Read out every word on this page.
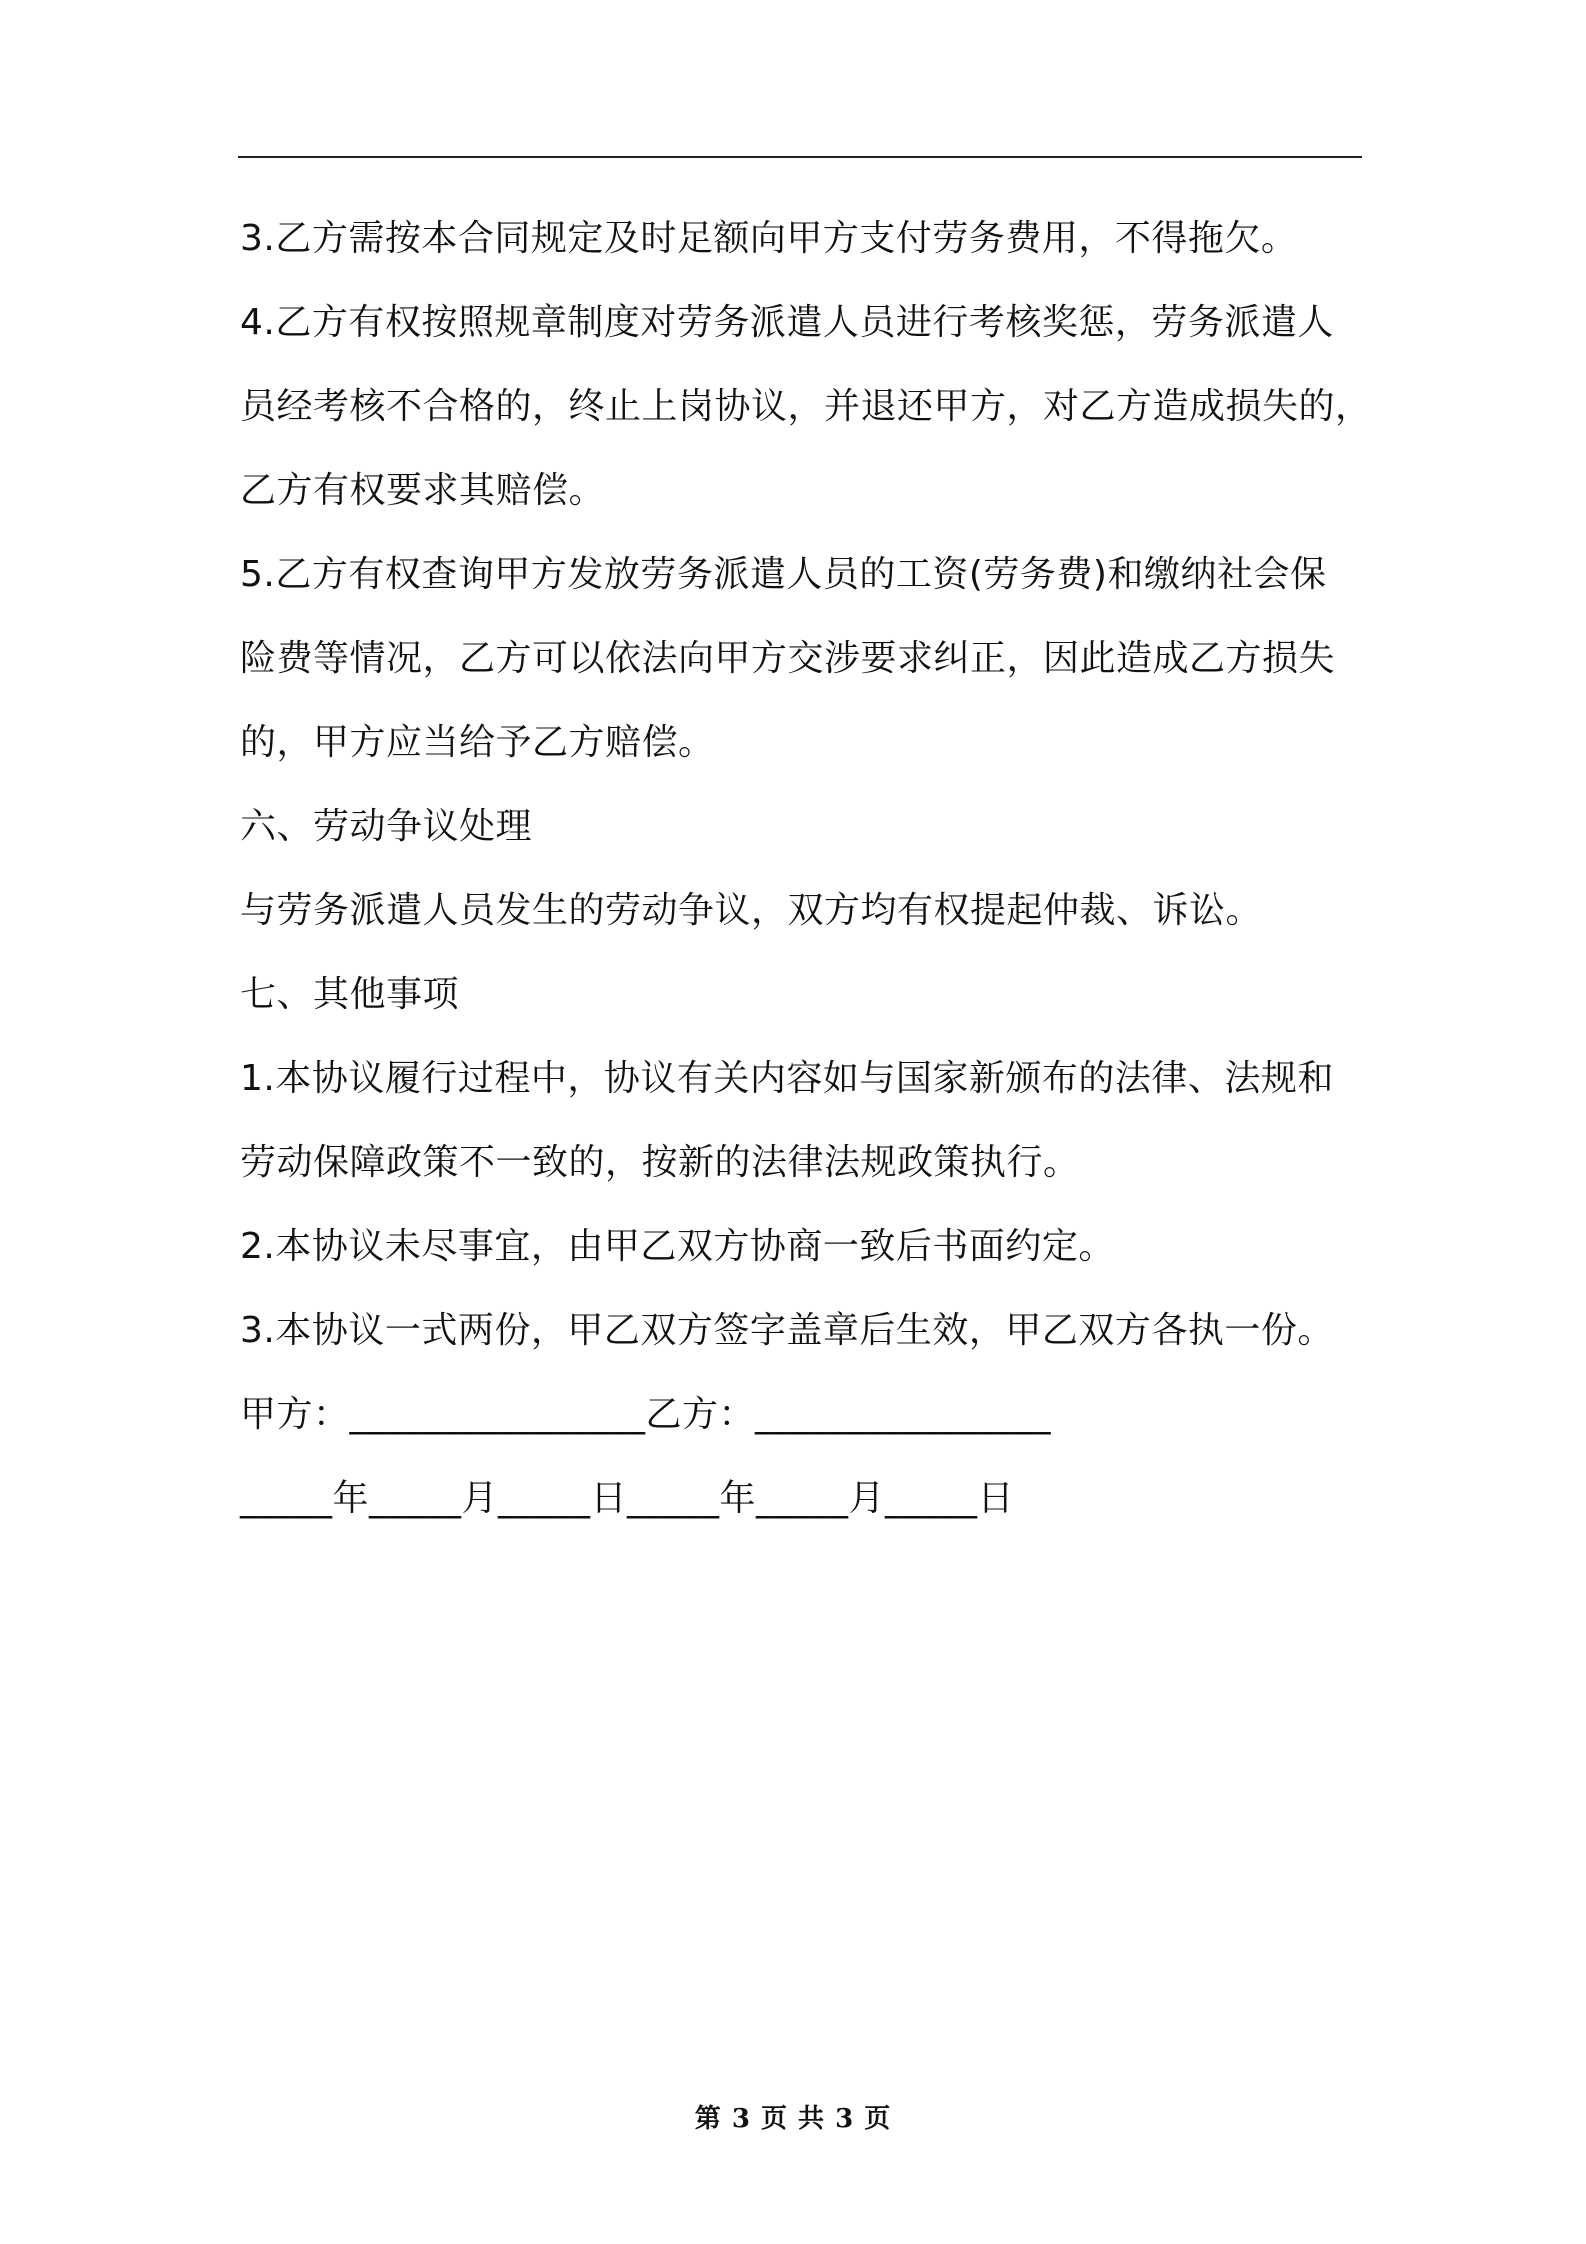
3.乙方需按本合同规定及时足额向甲方支付劳务费用，不得拖欠。
4.乙方有权按照规章制度对劳务派遣人员进行考核奖惩，劳务派遣人
员经考核不合格的，终止上岗协议，并退还甲方，对乙方造成损失的，
乙方有权要求其赔偿。
5.乙方有权查询甲方发放劳务派遣人员的工资(劳务费)和缴纳社会保
险费等情况，乙方可以依法向甲方交涉要求纠正，因此造成乙方损失
的，甲方应当给予乙方赔偿。
六、劳动争议处理
与劳务派遣人员发生的劳动争议，双方均有权提起仲裁、诉讼。
七、其他事项
1.本协议履行过程中，协议有关内容如与国家新颁布的法律、法规和
劳动保障政策不一致的，按新的法律法规政策执行。
2.本协议未尽事宜，由甲乙双方协商一致后书面约定。
3.本协议一式两份，甲乙双方签字盖章后生效，甲乙双方各执一份。
甲方：________________乙方：________________
_____年_____月_____日_____年_____月_____日
第 3 页 共 3 页
